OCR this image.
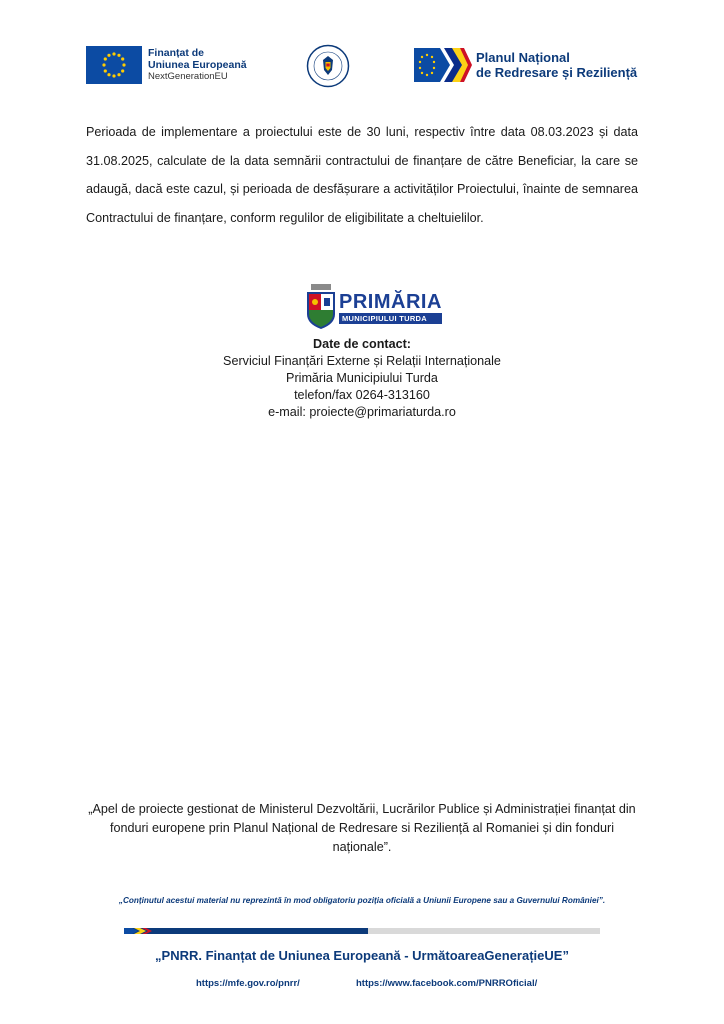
Finanțat de
Uniunea Europeană
NextGenerationEU
Planul Național
de Redresare și Reziliență

Perioada de implementare a proiectului este de 30 luni, respectiv între data 08.03.2023 și data 31.08.2025, calculate de la data semnării contractului de finanțare de către Beneficiar, la care se adaugă, dacă este cazul, și perioada de desfășurare a activităților Proiectului, înainte de semnarea Contractului de finanțare, conform regulilor de eligibilitate a cheltuielilor.

PRIMĂRIA
MUNICIPIULUI TURDA
Date de contact:
Serviciul Finanțări Externe și Relații Internaționale
Primăria Municipiului Turda
telefon/fax 0264-313160
e-mail: proiecte@primariaturda.ro
„Apel de proiecte gestionat de Ministerul Dezvoltării, Lucrărilor Publice și Administrației finanțat din fonduri europene prin Planul Național de Redresare si Reziliență al Romaniei și din fonduri naționale”.
„Conținutul acestui material nu reprezintă în mod obligatoriu poziția oficială a Uniunii Europene sau a Guvernului României”.
„PNRR. Finanțat de Uniunea Europeană - UrmătoareaGenerațieUE”
https://mfe.gov.ro/pnrr/	https://www.facebook.com/PNRROficial/
